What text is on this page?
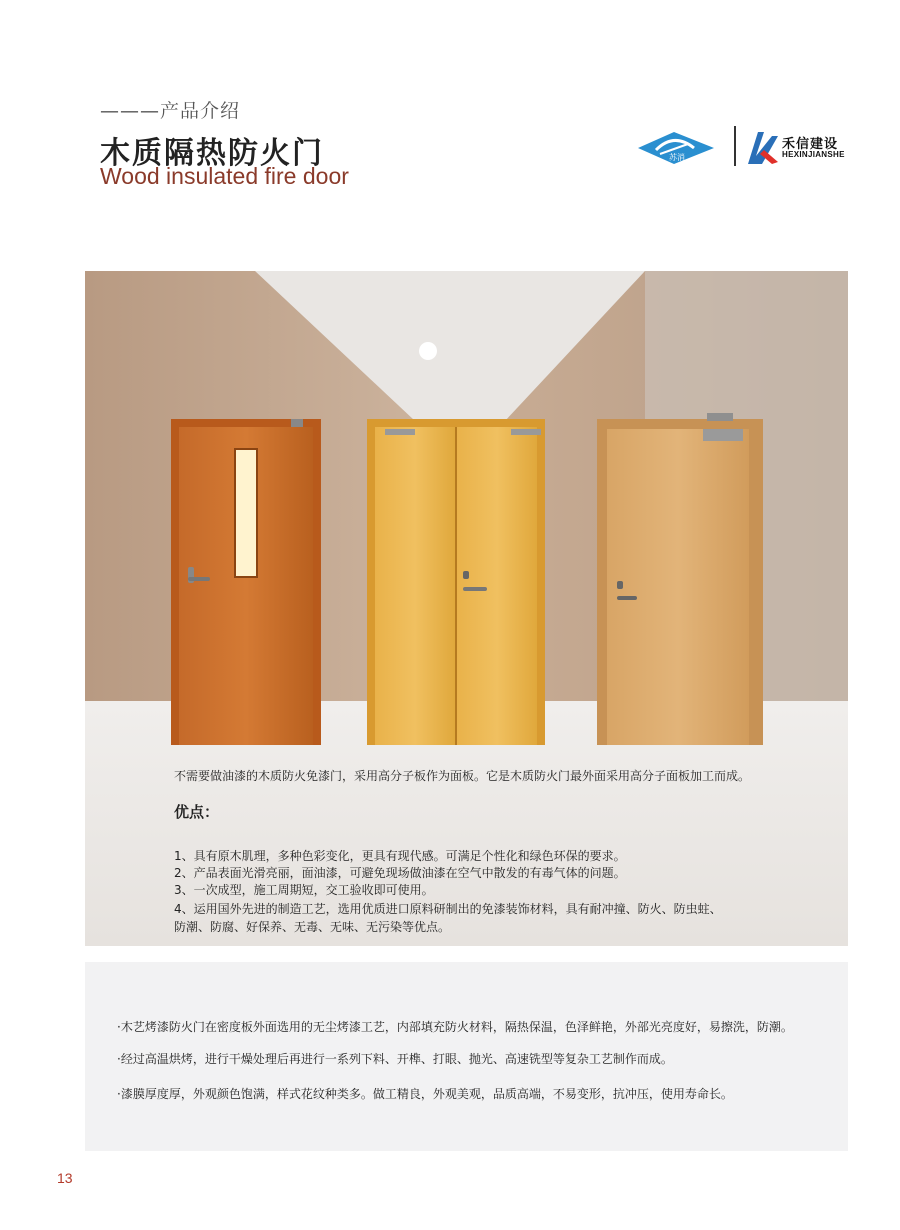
———产品介绍
木质隔热防火门
Wood insulated fire door
苏消
禾信建设
HEXINJIANSHE
不需要做油漆的木质防火免漆门，采用高分子板作为面板。它是木质防火门最外面采用高分子面板加工而成。
优点：
1、具有原木肌理，多种色彩变化，更具有现代感。可满足个性化和绿色环保的要求。
2、产品表面光滑亮丽，面油漆，可避免现场做油漆在空气中散发的有毒气体的问题。
3、一次成型，施工周期短，交工验收即可使用。
4、运用国外先进的制造工艺，选用优质进口原料研制出的免漆装饰材料，具有耐冲撞、防火、防虫蛀、
防潮、防腐、好保养、无毒、无味、无污染等优点。
·木艺烤漆防火门在密度板外面选用的无尘烤漆工艺，内部填充防火材料，隔热保温，色泽鲜艳，外部光亮度好，易擦洗，防潮。
·经过高温烘烤，进行干燥处理后再进行一系列下料、开榫、打眼、抛光、高速铣型等复杂工艺制作而成。
·漆膜厚度厚，外观颜色饱满，样式花纹种类多。做工精良，外观美观，品质高端，不易变形，抗冲压，使用寿命长。
13
